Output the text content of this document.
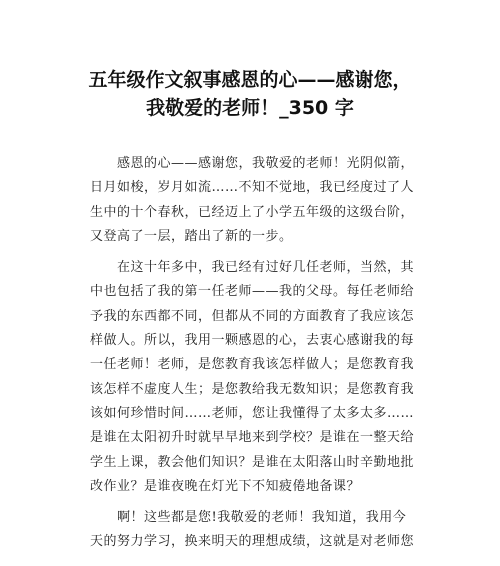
五年级作文叙事感恩的心——感谢您，
我敬爱的老师！_350 字
　　感恩的心——感谢您，我敬爱的老师！光阴似箭，
日月如梭，岁月如流……不知不觉地，我已经度过了人
生中的十个春秋，已经迈上了小学五年级的这级台阶，
又登高了一层，踏出了新的一步。
　　在这十年多中，我已经有过好几任老师，当然，其
中也包括了我的第一任老师——我的父母。每任老师给
予我的东西都不同，但都从不同的方面教育了我应该怎
样做人。所以，我用一颗感恩的心，去衷心感谢我的每
一任老师！老师，是您教育我该怎样做人；是您教育我
该怎样不虚度人生；是您教给我无数知识；是您教育我
该如何珍惜时间……老师，您让我懂得了太多太多……
是谁在太阳初升时就早早地来到学校？是谁在一整天给
学生上课，教会他们知识？是谁在太阳落山时辛勤地批
改作业？是谁夜晚在灯光下不知疲倦地备课？
　　啊！这些都是您!我敬爱的老师！我知道，我用今
天的努力学习，换来明天的理想成绩，这就是对老师您
